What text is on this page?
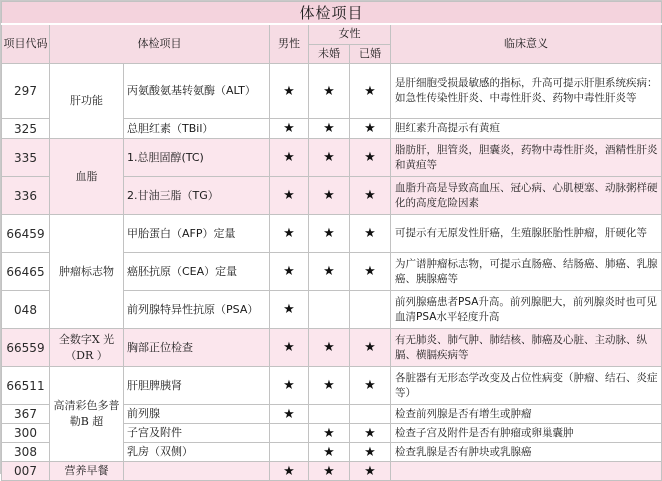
体检项目						
项目代码	体检项目		男性	女性		临床意义
				未婚	已婚	
297	肝功能	丙氨酸氨基转氨酶（ALT）	★	★	★	是肝细胞受损最敏感的指标，升高可提示肝胆系统疾病：如急性传染性肝炎、中毒性肝炎、药物中毒性肝炎等
325		总胆红素（TBil）	★	★	★	胆红素升高提示有黄疸
335	血脂	1.总胆固醇(TC)	★	★	★	脂肪肝，胆管炎，胆囊炎，药物中毒性肝炎，酒精性肝炎和黄疸等
336		2.甘油三脂（TG）	★	★	★	血脂升高是导致高血压、冠心病、心肌梗塞、动脉粥样硬化的高度危险因素
66459	肿瘤标志物	甲胎蛋白（AFP）定量	★	★	★	可提示有无原发性肝癌，生殖腺胚胎性肿瘤，肝硬化等
66465		癌胚抗原（CEA）定量	★	★	★	为广谱肿瘤标志物，可提示直肠癌、结肠癌、肺癌、乳腺癌、胰腺癌等
048		前列腺特异性抗原（PSA）	★			前列腺癌患者PSA升高。前列腺肥大，前列腺炎时也可见血清PSA水平轻度升高
66559	全数字X 光（DR ）	胸部正位检查	★	★	★	有无肺炎、肺气肿、肺结核、肺癌及心脏、主动脉、纵膈、横膈疾病等
66511	高清彩色多普勒B 超	肝胆脾胰肾	★	★	★	各脏器有无形态学改变及占位性病变（肿瘤、结石、炎症等）
367		前列腺	★			检查前列腺是否有增生或肿瘤
300		子宫及附件		★	★	检查子宫及附件是否有肿瘤或卵巢囊肿
308		乳房（双侧）		★	★	检查乳腺是否有肿块或乳腺癌
007	营养早餐		★	★	★	
